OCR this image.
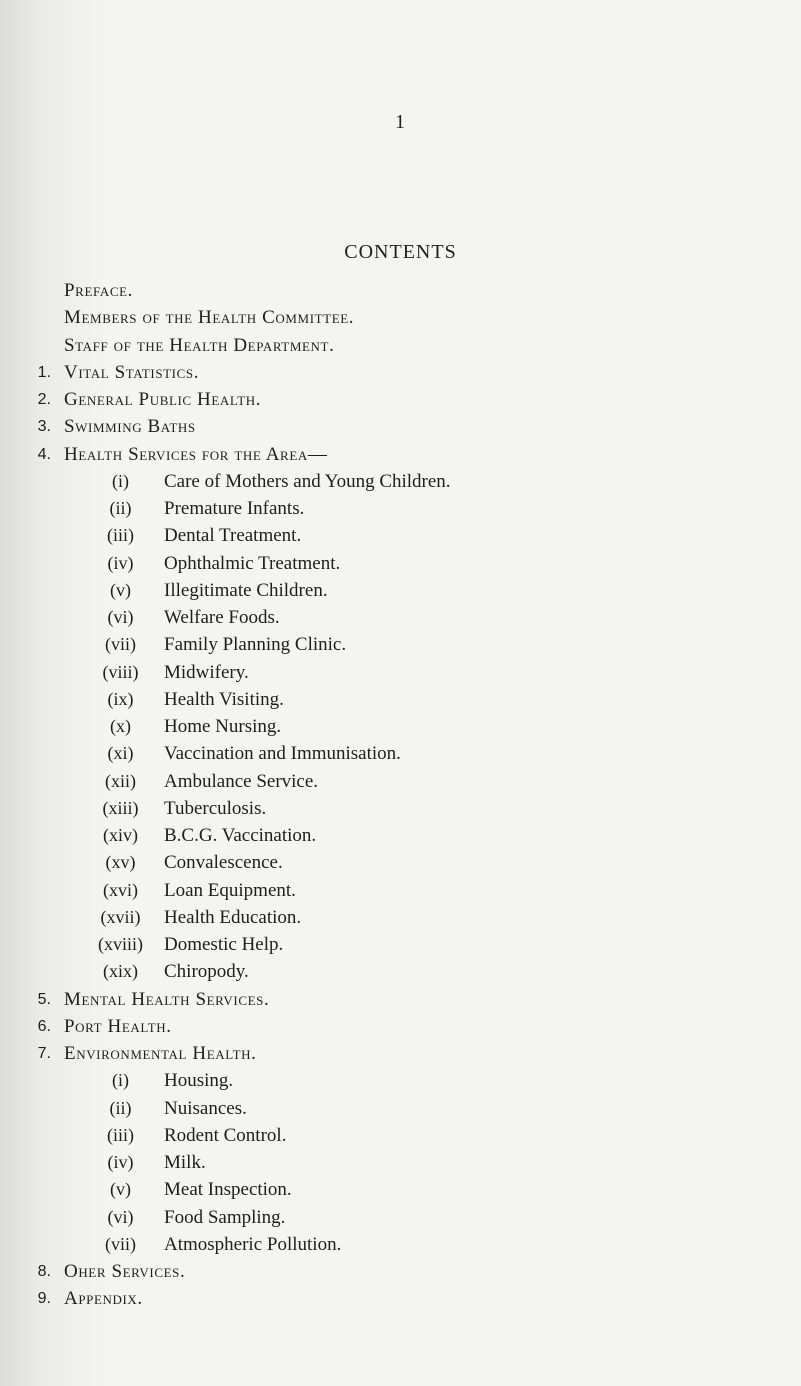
1
CONTENTS
Preface.
Members of the Health Committee.
Staff of the Health Department.
1. Vital Statistics.
2. General Public Health.
3. Swimming Baths
4. Health Services for the Area—
(i)	Care of Mothers and Young Children.
(ii)	Premature Infants.
(iii)	Dental Treatment.
(iv)	Ophthalmic Treatment.
(v)	Illegitimate Children.
(vi)	Welfare Foods.
(vii)	Family Planning Clinic.
(viii)	Midwifery.
(ix)	Health Visiting.
(x)	Home Nursing.
(xi)	Vaccination and Immunisation.
(xii)	Ambulance Service.
(xiii)	Tuberculosis.
(xiv)	B.C.G. Vaccination.
(xv)	Convalescence.
(xvi)	Loan Equipment.
(xvii)	Health Education.
(xviii)	Domestic Help.
(xix)	Chiropody.
5. Mental Health Services.
6. Port Health.
7. Environmental Health.
(i)	Housing.
(ii)	Nuisances.
(iii)	Rodent Control.
(iv)	Milk.
(v)	Meat Inspection.
(vi)	Food Sampling.
(vii)	Atmospheric Pollution.
8. Oher Services.
9. Appendix.
